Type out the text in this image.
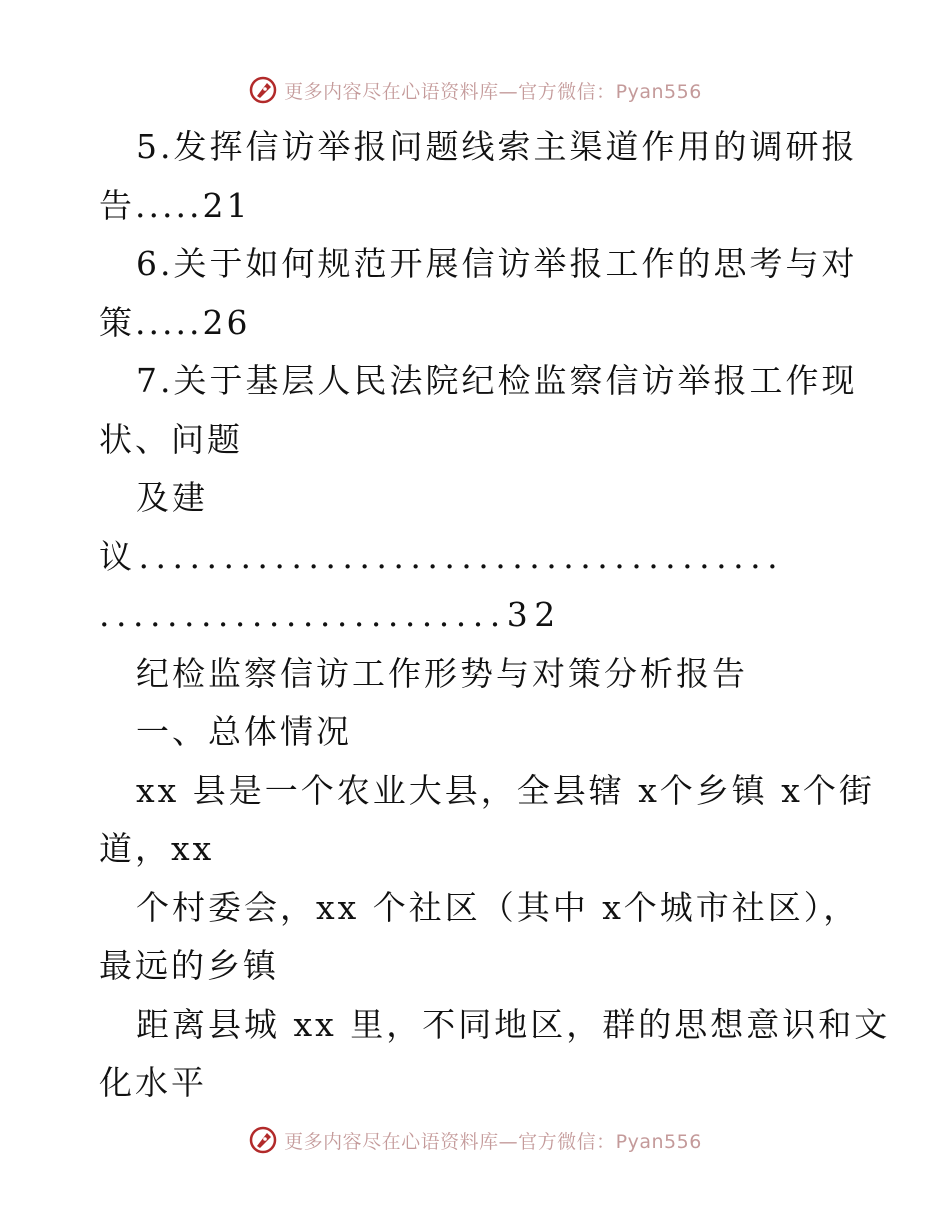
更多内容尽在心语资料库—官方微信：Pyan556
5.发挥信访举报问题线索主渠道作用的调研报
告.....21
6.关于如何规范开展信访举报工作的思考与对
策.....26
7.关于基层人民法院纪检监察信访举报工作现
状、问题
及建
议......................................
........................32
纪检监察信访工作形势与对策分析报告
一、总体情况
xx 县是一个农业大县，全县辖 x个乡镇 x个街
道，xx
个村委会，xx 个社区（其中 x个城市社区），
最远的乡镇
距离县城 xx 里，不同地区，群的思想意识和文
化水平
更多内容尽在心语资料库—官方微信：Pyan556
